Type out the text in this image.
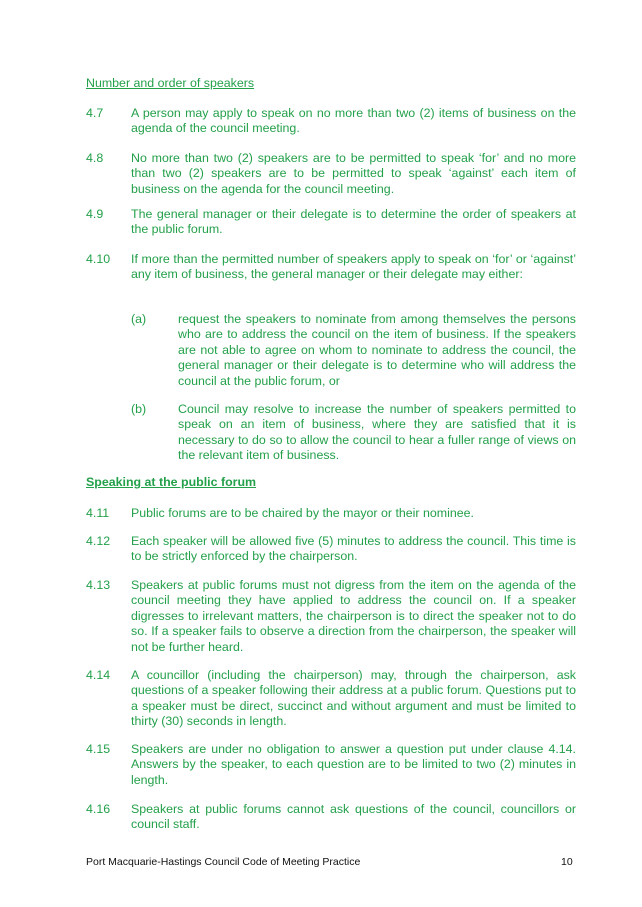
Number and order of speakers
4.7	A person may apply to speak on no more than two (2) items of business on the agenda of the council meeting.
4.8	No more than two (2) speakers are to be permitted to speak ‘for’ and no more than two (2) speakers are to be permitted to speak ‘against’ each item of business on the agenda for the council meeting.
4.9	The general manager or their delegate is to determine the order of speakers at the public forum.
4.10	If more than the permitted number of speakers apply to speak on ‘for’ or ‘against’ any item of business, the general manager or their delegate may either:
(a)	request the speakers to nominate from among themselves the persons who are to address the council on the item of business. If the speakers are not able to agree on whom to nominate to address the council, the general manager or their delegate is to determine who will address the council at the public forum, or
(b)	Council may resolve to increase the number of speakers permitted to speak on an item of business, where they are satisfied that it is necessary to do so to allow the council to hear a fuller range of views on the relevant item of business.
Speaking at the public forum
4.11	Public forums are to be chaired by the mayor or their nominee.
4.12	Each speaker will be allowed five (5) minutes to address the council. This time is to be strictly enforced by the chairperson.
4.13	Speakers at public forums must not digress from the item on the agenda of the council meeting they have applied to address the council on. If a speaker digresses to irrelevant matters, the chairperson is to direct the speaker not to do so. If a speaker fails to observe a direction from the chairperson, the speaker will not be further heard.
4.14	A councillor (including the chairperson) may, through the chairperson, ask questions of a speaker following their address at a public forum. Questions put to a speaker must be direct, succinct and without argument and must be limited to thirty (30) seconds in length.
4.15	Speakers are under no obligation to answer a question put under clause 4.14. Answers by the speaker, to each question are to be limited to two (2) minutes in length.
4.16	Speakers at public forums cannot ask questions of the council, councillors or council staff.
Port Macquarie-Hastings Council Code of Meeting Practice	10
